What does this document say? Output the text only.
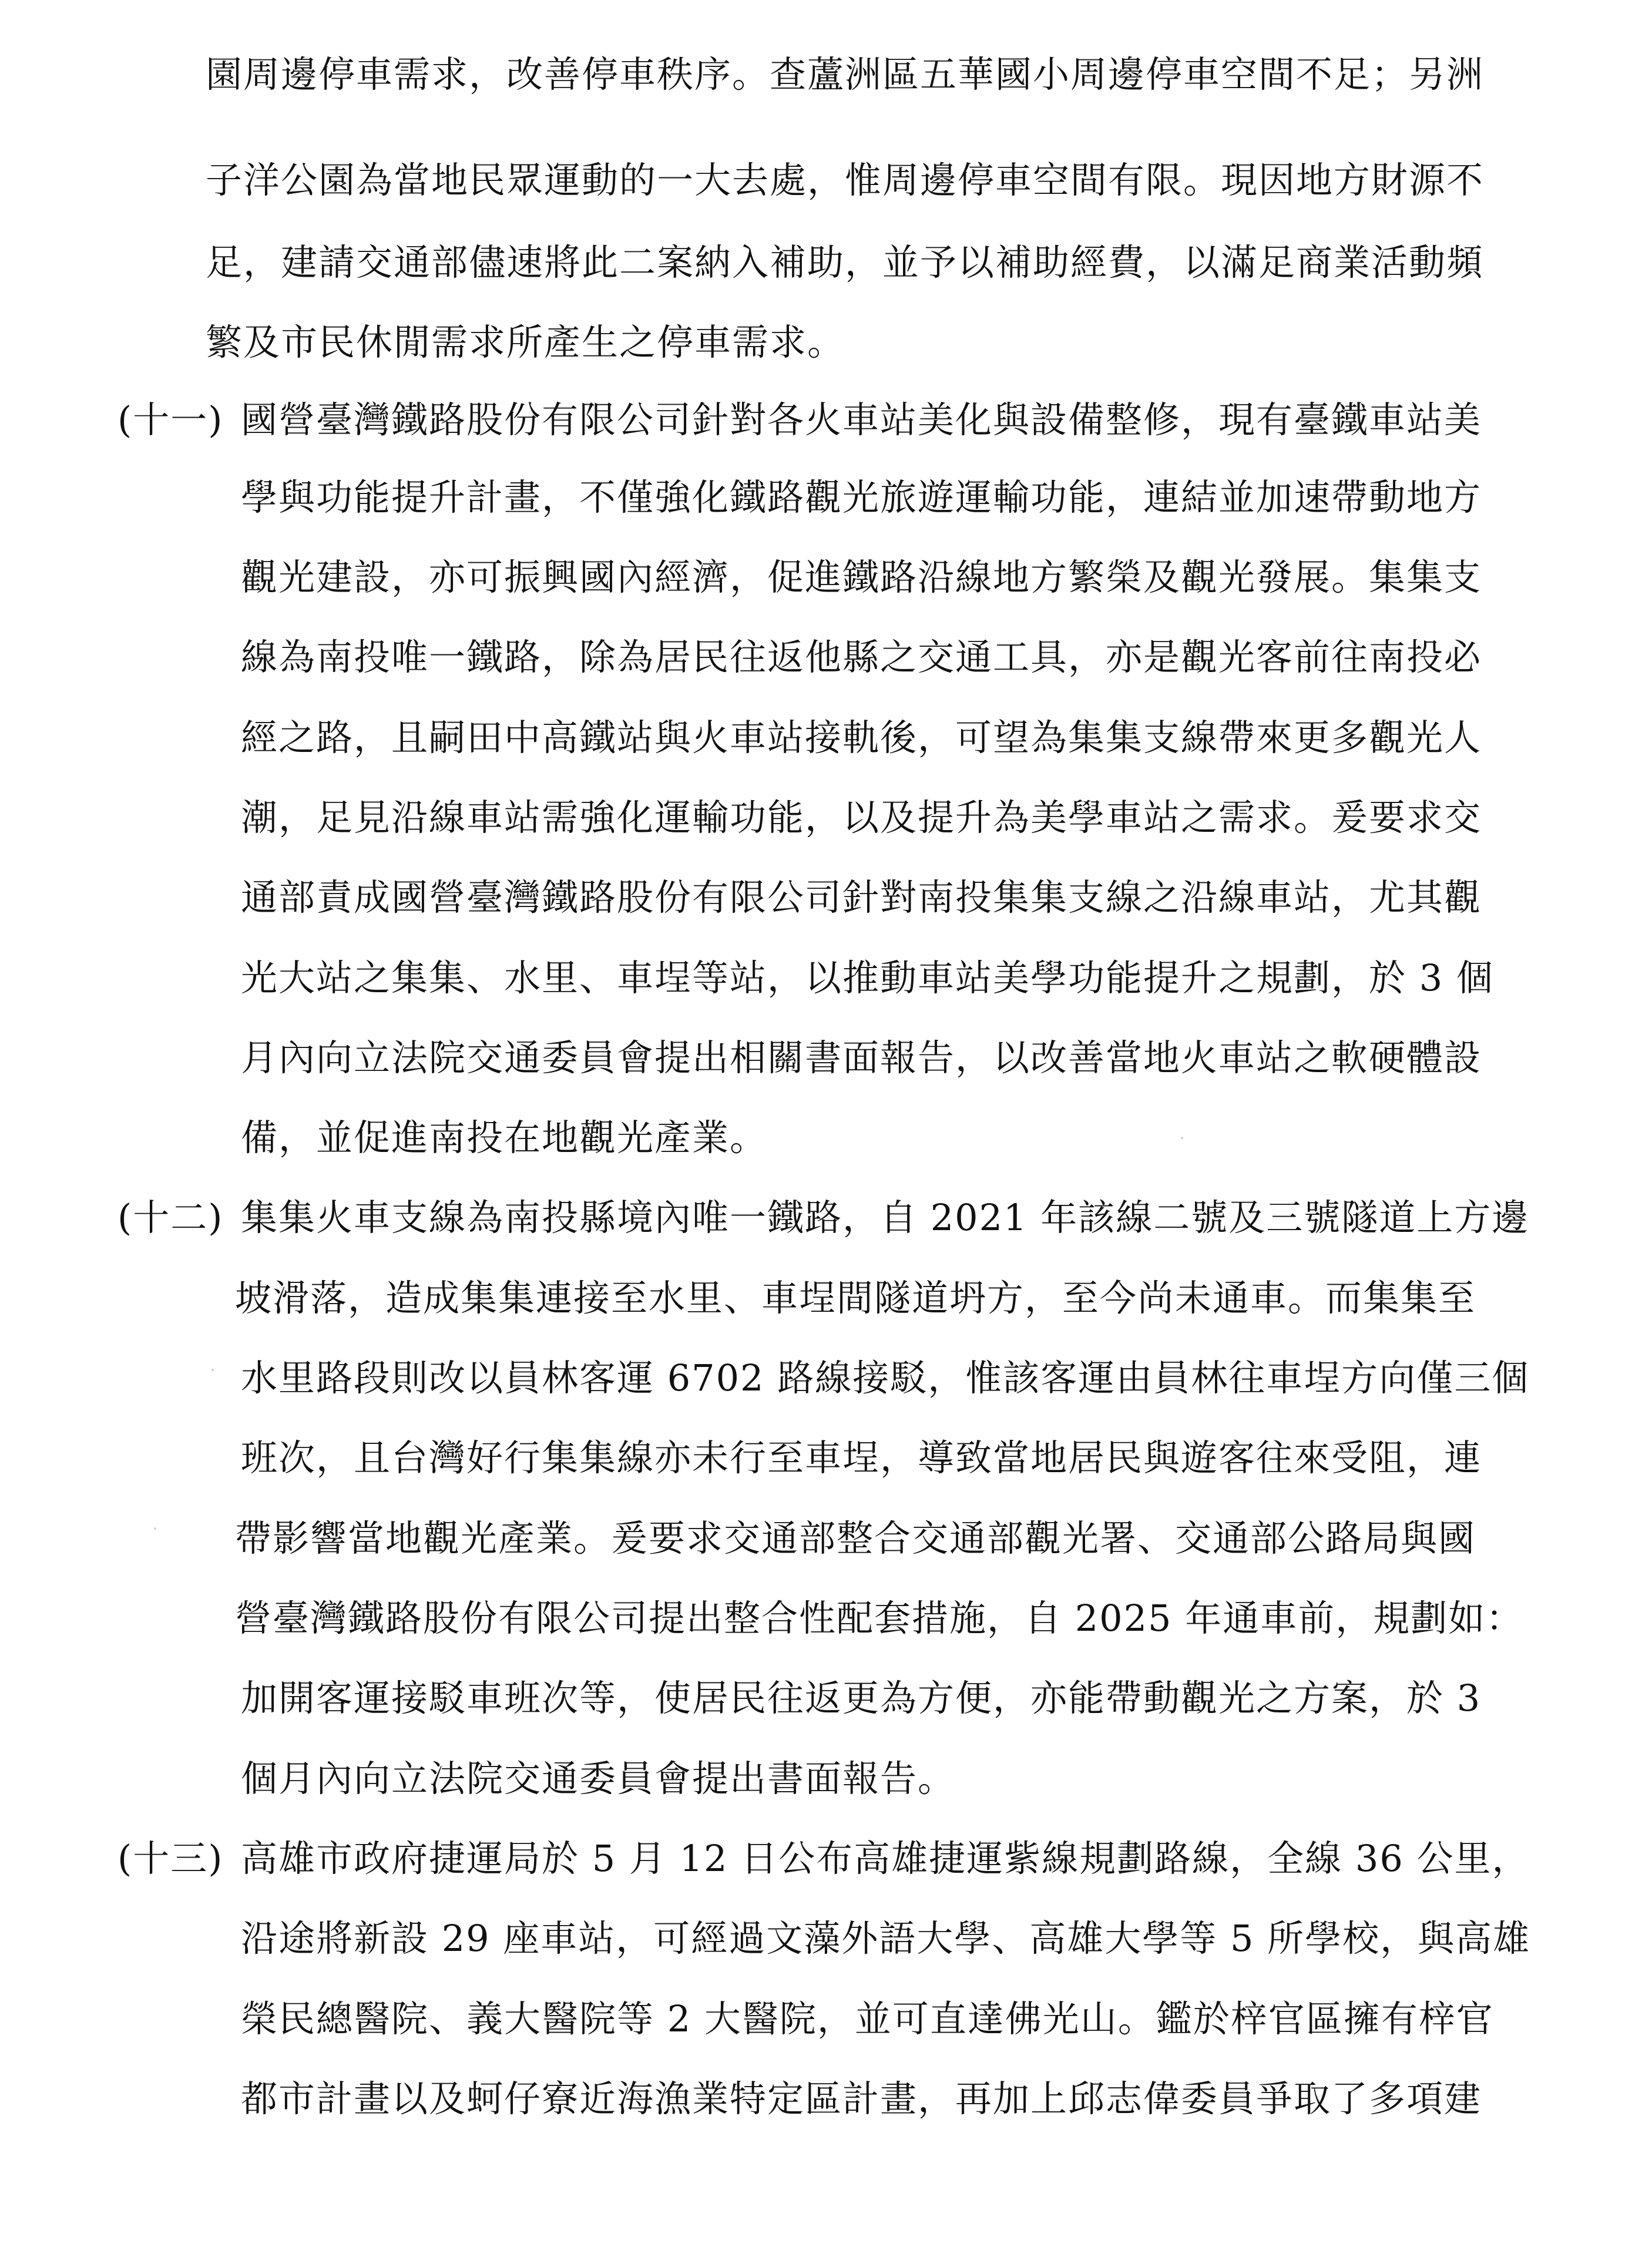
園周邊停車需求，改善停車秩序。查蘆洲區五華國小周邊停車空間不足；另洲
子洋公園為當地民眾運動的一大去處，惟周邊停車空間有限。現因地方財源不
足，建請交通部儘速將此二案納入補助，並予以補助經費，以滿足商業活動頻
繁及市民休閒需求所產生之停車需求。
(十一) 國營臺灣鐵路股份有限公司針對各火車站美化與設備整修，現有臺鐵車站美
學與功能提升計畫，不僅強化鐵路觀光旅遊運輸功能，連結並加速帶動地方
觀光建設，亦可振興國內經濟，促進鐵路沿線地方繁榮及觀光發展。集集支
線為南投唯一鐵路，除為居民往返他縣之交通工具，亦是觀光客前往南投必
經之路，且嗣田中高鐵站與火車站接軌後，可望為集集支線帶來更多觀光人
潮，足見沿線車站需強化運輸功能，以及提升為美學車站之需求。爰要求交
通部責成國營臺灣鐵路股份有限公司針對南投集集支線之沿線車站，尤其觀
光大站之集集、水里、車埕等站，以推動車站美學功能提升之規劃，於 3 個
月內向立法院交通委員會提出相關書面報告，以改善當地火車站之軟硬體設
備，並促進南投在地觀光產業。
(十二) 集集火車支線為南投縣境內唯一鐵路，自 2021 年該線二號及三號隧道上方邊
坡滑落，造成集集連接至水里、車埕間隧道坍方，至今尚未通車。而集集至
水里路段則改以員林客運 6702 路線接駁，惟該客運由員林往車埕方向僅三個
班次，且台灣好行集集線亦未行至車埕，導致當地居民與遊客往來受阻，連
帶影響當地觀光產業。爰要求交通部整合交通部觀光署、交通部公路局與國
營臺灣鐵路股份有限公司提出整合性配套措施，自 2025 年通車前，規劃如：
加開客運接駁車班次等，使居民往返更為方便，亦能帶動觀光之方案，於 3
個月內向立法院交通委員會提出書面報告。
(十三) 高雄市政府捷運局於 5 月 12 日公布高雄捷運紫線規劃路線，全線 36 公里，
沿途將新設 29 座車站，可經過文藻外語大學、高雄大學等 5 所學校，與高雄
榮民總醫院、義大醫院等 2 大醫院，並可直達佛光山。鑑於梓官區擁有梓官
都市計畫以及蚵仔寮近海漁業特定區計畫，再加上邱志偉委員爭取了多項建
